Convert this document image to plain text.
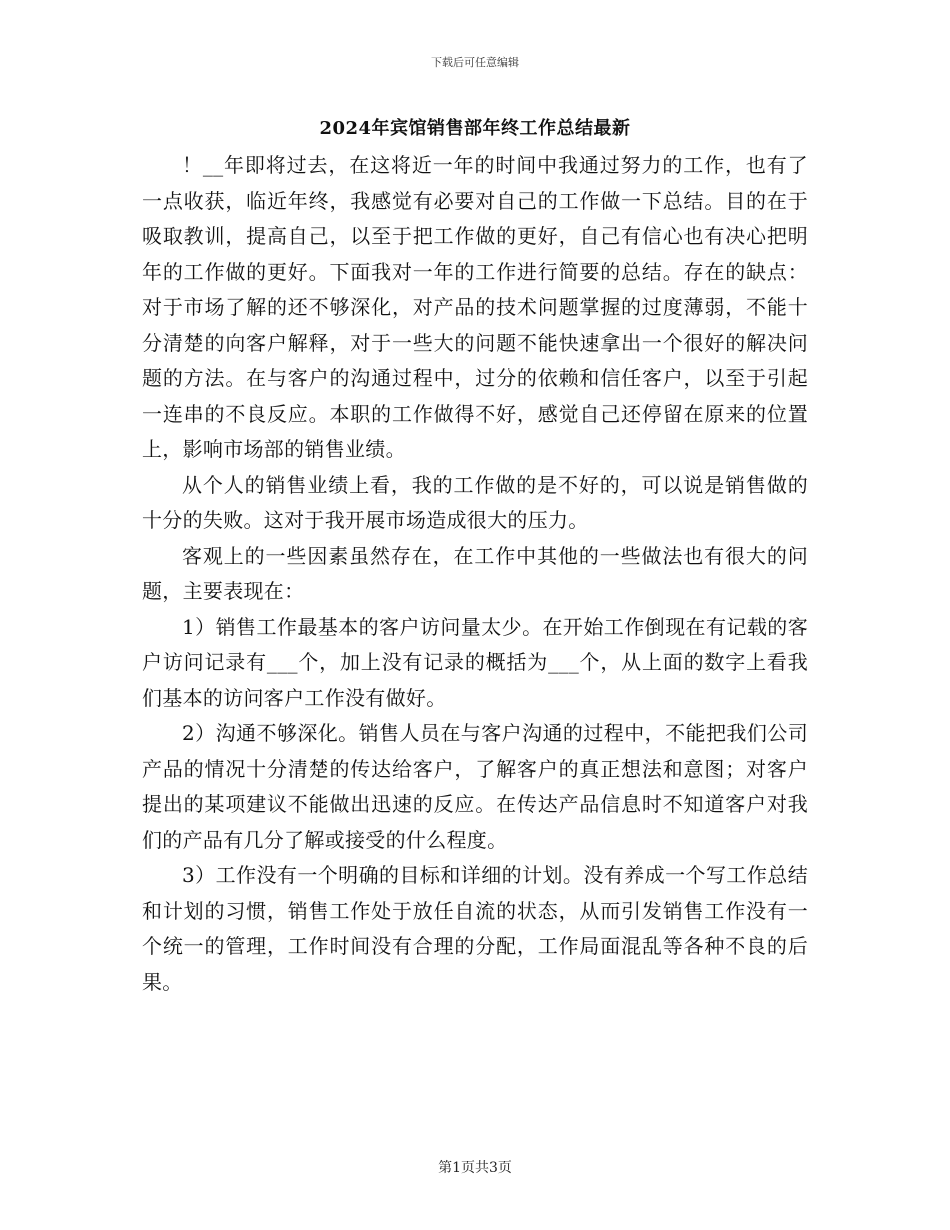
下载后可任意编辑
2024年宾馆销售部年终工作总结最新

！__年即将过去，在这将近一年的时间中我通过努力的工作，也有了一点收获，临近年终，我感觉有必要对自己的工作做一下总结。目的在于吸取教训，提高自己，以至于把工作做的更好，自己有信心也有决心把明年的工作做的更好。下面我对一年的工作进行简要的总结。存在的缺点：对于市场了解的还不够深化，对产品的技术问题掌握的过度薄弱，不能十分清楚的向客户解释，对于一些大的问题不能快速拿出一个很好的解决问题的方法。在与客户的沟通过程中，过分的依赖和信任客户，以至于引起一连串的不良反应。本职的工作做得不好，感觉自己还停留在原来的位置上，影响市场部的销售业绩。

从个人的销售业绩上看，我的工作做的是不好的，可以说是销售做的十分的失败。这对于我开展市场造成很大的压力。

客观上的一些因素虽然存在，在工作中其他的一些做法也有很大的问题，主要表现在：

1）销售工作最基本的客户访问量太少。在开始工作倒现在有记载的客户访问记录有___个，加上没有记录的概括为___个，从上面的数字上看我们基本的访问客户工作没有做好。

2）沟通不够深化。销售人员在与客户沟通的过程中，不能把我们公司产品的情况十分清楚的传达给客户，了解客户的真正想法和意图；对客户提出的某项建议不能做出迅速的反应。在传达产品信息时不知道客户对我们的产品有几分了解或接受的什么程度。

3）工作没有一个明确的目标和详细的计划。没有养成一个写工作总结和计划的习惯，销售工作处于放任自流的状态，从而引发销售工作没有一个统一的管理，工作时间没有合理的分配，工作局面混乱等各种不良的后果。

第1页共3页
